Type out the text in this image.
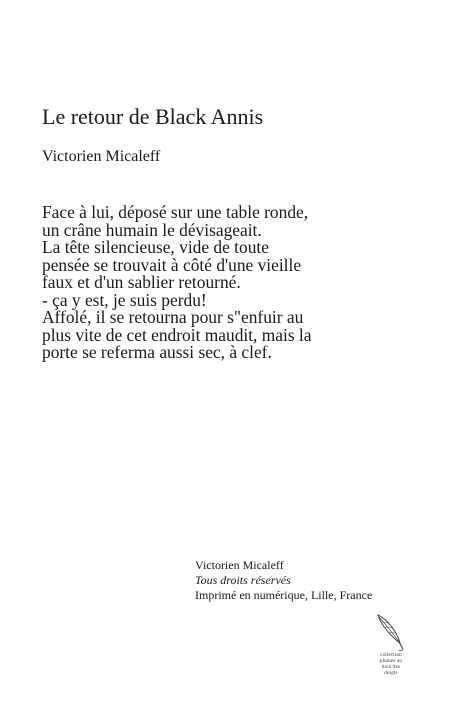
Le retour de Black Annis
Victorien Micaleff
Face à lui, déposé sur une table ronde,
un crâne humain le dévisageait.
La tête silencieuse, vide de toute
pensée se trouvait à côté d'une vieille
faux et d'un sablier retourné.
- ça y est, je suis perdu!
Affolé, il se retourna pour s"enfuir au
plus vite de cet endroit maudit, mais la
porte se referma aussi sec, à clef.
Victorien Micaleff
Tous droits réservés
Imprimé en numérique, Lille, France
collection
plumes au
bout des
doigts
